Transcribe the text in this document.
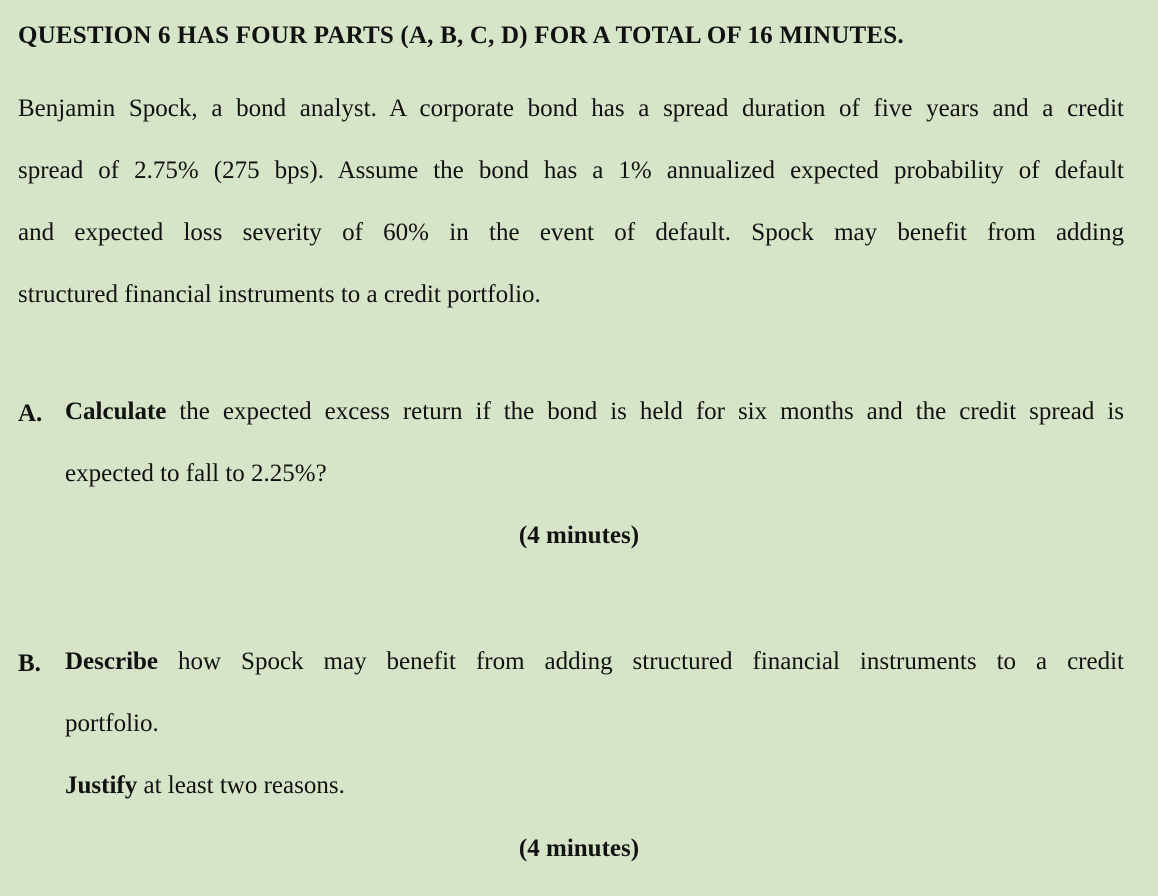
QUESTION 6 HAS FOUR PARTS (A, B, C, D) FOR A TOTAL OF 16 MINUTES.
Benjamin Spock, a bond analyst. A corporate bond has a spread duration of five years and a credit
spread of 2.75% (275 bps). Assume the bond has a 1% annualized expected probability of default
and expected loss severity of 60% in the event of default. Spock may benefit from adding
structured financial instruments to a credit portfolio.
A. Calculate the expected excess return if the bond is held for six months and the credit spread is
expected to fall to 2.25%?
(4 minutes)
B. Describe how Spock may benefit from adding structured financial instruments to a credit
portfolio.
Justify at least two reasons.
(4 minutes)
